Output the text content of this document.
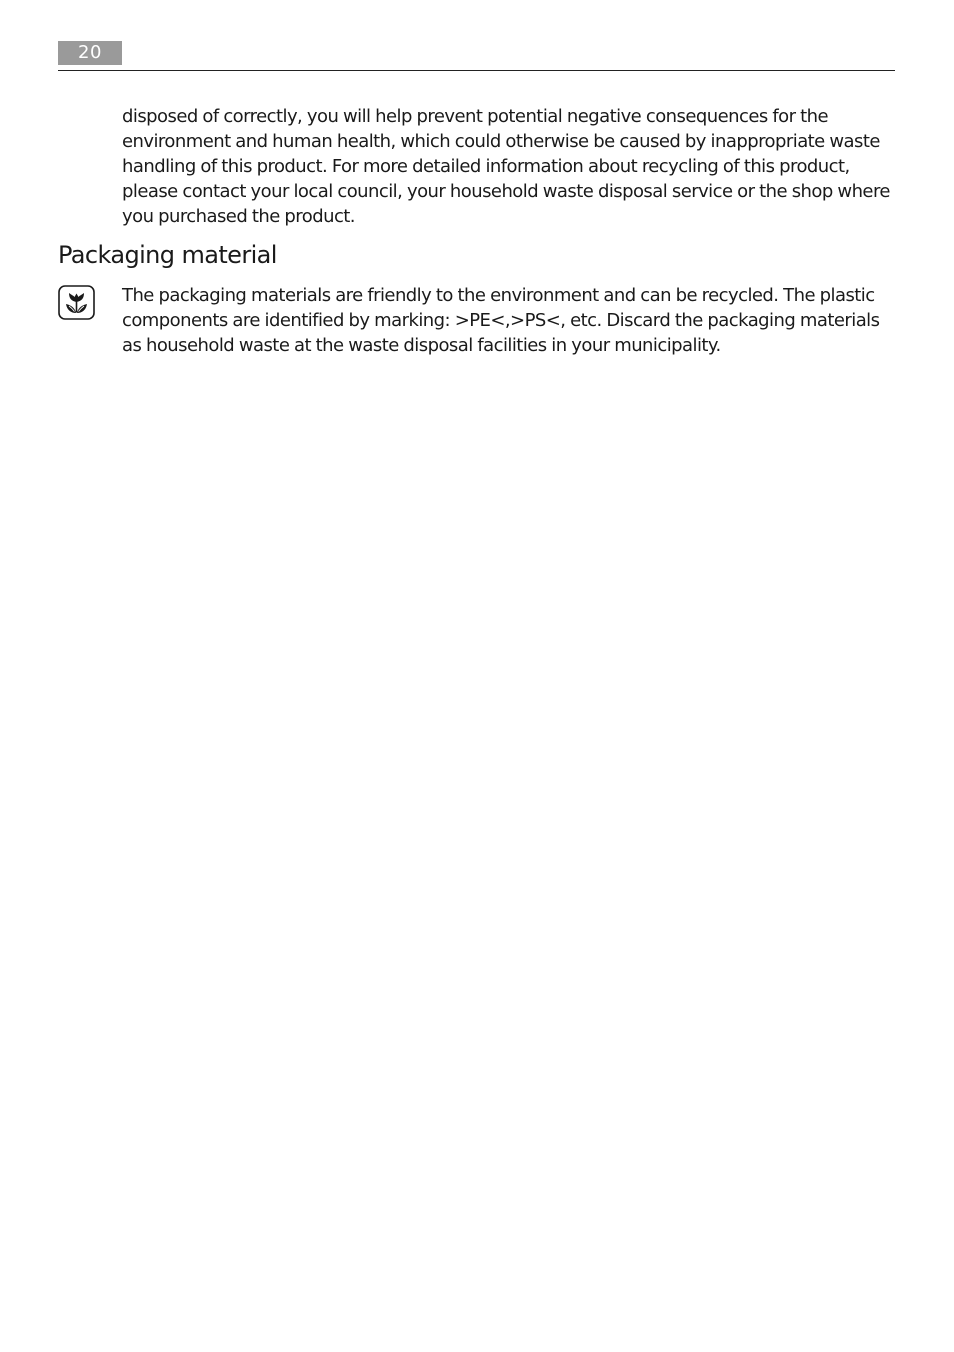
20

disposed of correctly, you will help prevent potential negative consequences for the environment and human health, which could otherwise be caused by inappropriate waste handling of this product. For more detailed information about recycling of this product, please contact your local council, your household waste disposal service or the shop where you purchased the product.

Packaging material

The packaging materials are friendly to the environment and can be recycled. The plastic components are identified by marking: >PE<,>PS<, etc. Discard the packaging materials as household waste at the waste disposal facilities in your municipality.
